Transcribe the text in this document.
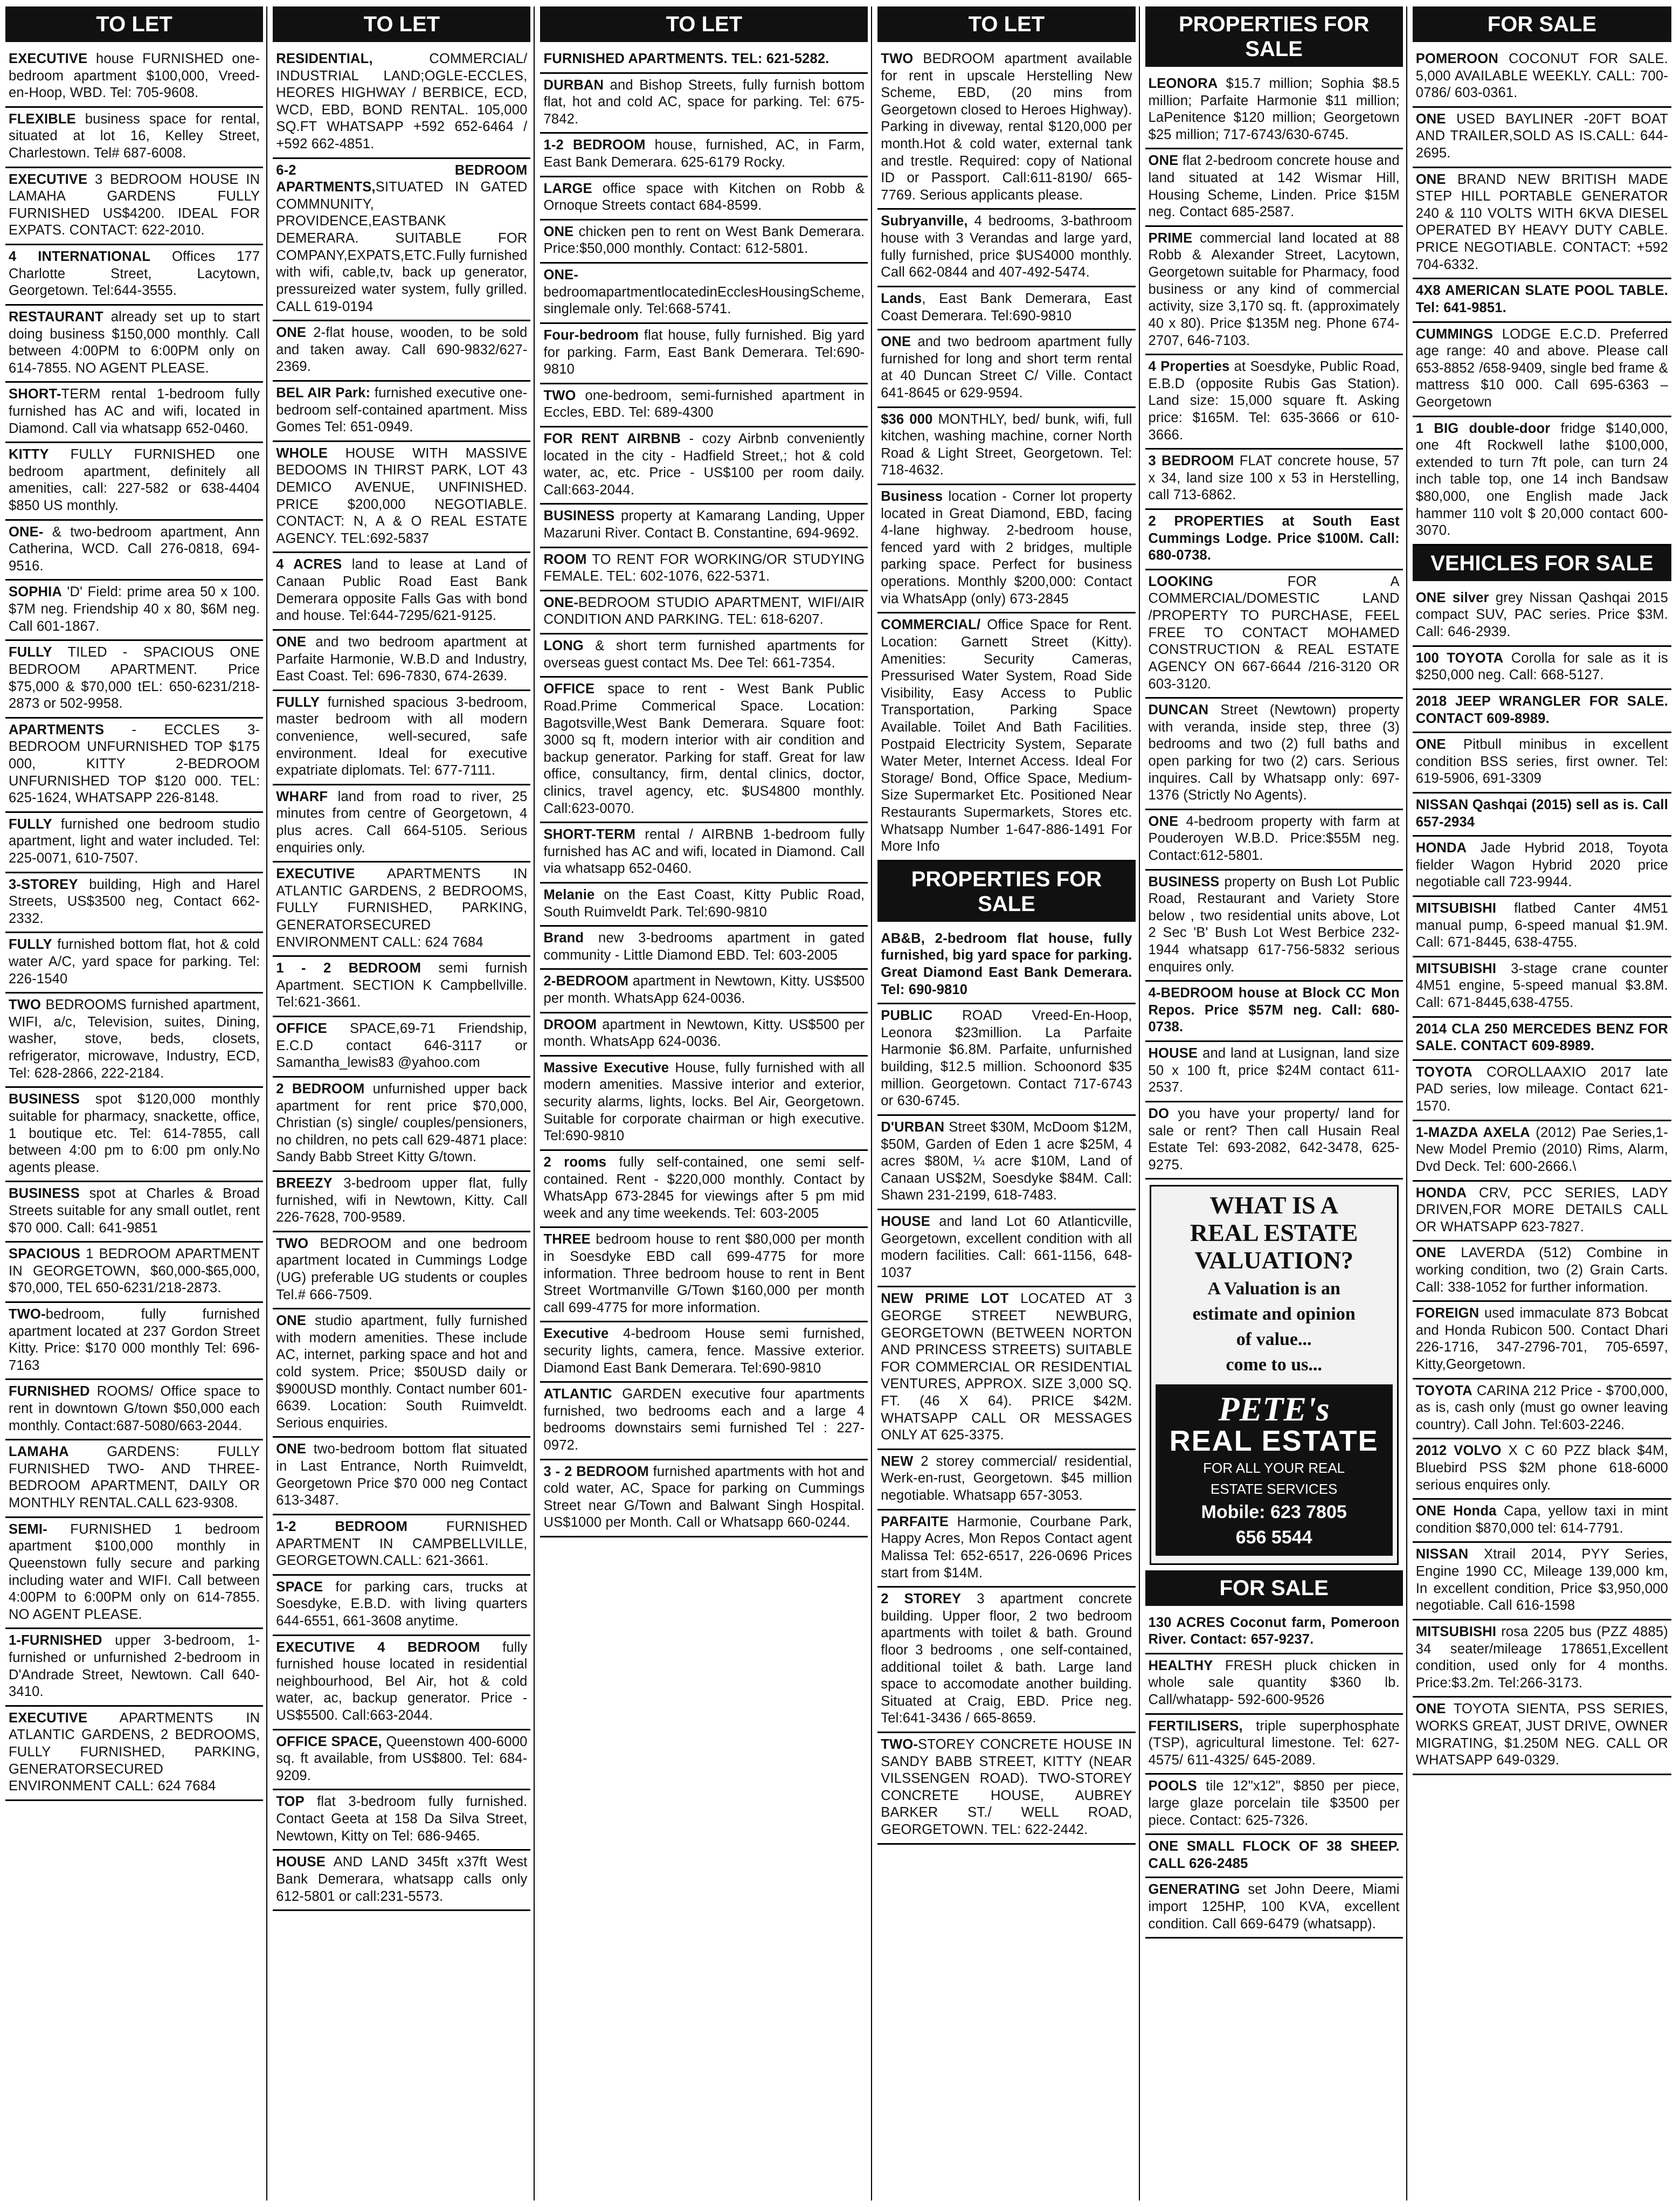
TO LET
EXECUTIVE house FURNISHED one-bedroom apartment $100,000, Vreed-en-Hoop, WBD. Tel: 705-9608.
FLEXIBLE business space for rental, situated at lot 16, Kelley Street, Charlestown. Tel# 687-6008.
EXECUTIVE 3 BEDROOM HOUSE IN LAMAHA GARDENS FULLY FURNISHED US$4200. IDEAL FOR EXPATS. CONTACT: 622-2010.
4 INTERNATIONAL Offices 177 Charlotte Street, Lacytown, Georgetown. Tel:644-3555.
RESTAURANT already set up to start doing business $150,000 monthly. Call between 4:00PM to 6:00PM only on 614-7855. NO AGENT PLEASE.
SHORT-TERM rental 1-bedroom fully furnished has AC and wifi, located in Diamond. Call via whatsapp 652-0460.
KITTY FULLY FURNISHED one bedroom apartment, definitely all amenities, call: 227-582 or 638-4404 $850 US monthly.
ONE- & two-bedroom apartment, Ann Catherina, WCD. Call 276-0818, 694-9516.
SOPHIA 'D' Field: prime area 50 x 100. $7M neg. Friendship 40 x 80, $6M neg. Call 601-1867.
FULLY TILED - SPACIOUS ONE BEDROOM APARTMENT. Price $75,000 & $70,000 tEL: 650-6231/218-2873 or 502-9958.
APARTMENTS - ECCLES 3-BEDROOM UNFURNISHED TOP $175 000, KITTY 2-BEDROOM UNFURNISHED TOP $120 000. TEL: 625-1624, WHATSAPP 226-8148.
FULLY furnished one bedroom studio apartment, light and water included. Tel: 225-0071, 610-7507.
3-STOREY building, High and Harel Streets, US$3500 neg, Contact 662-2332.
FULLY furnished bottom flat, hot & cold water A/C, yard space for parking. Tel: 226-1540
TWO BEDROOMS furnished apartment, WIFI, a/c, Television, suites, Dining, washer, stove, beds, closets, refrigerator, microwave, Industry, ECD, Tel: 628-2866, 222-2184.
BUSINESS spot $120,000 monthly suitable for pharmacy, snackette, office, 1 boutique etc. Tel: 614-7855, call between 4:00 pm to 6:00 pm only.No agents please.
BUSINESS spot at Charles & Broad Streets suitable for any small outlet, rent $70 000. Call: 641-9851
SPACIOUS 1 BEDROOM APARTMENT IN GEORGETOWN, $60,000-$65,000, $70,000, TEL 650-6231/218-2873.
TWO-bedroom, fully furnished apartment located at 237 Gordon Street Kitty. Price: $170 000 monthly Tel: 696-7163
FURNISHED ROOMS/ Office space to rent in downtown G/town $50,000 each monthly. Contact:687-5080/663-2044.
LAMAHA GARDENS: FULLY FURNISHED TWO- AND THREE-BEDROOM APARTMENT, DAILY OR MONTHLY RENTAL.CALL 623-9308.
SEMI- FURNISHED 1 bedroom apartment $100,000 monthly in Queenstown fully secure and parking including water and WIFI. Call between 4:00PM to 6:00PM only on 614-7855. NO AGENT PLEASE.
1-FURNISHED upper 3-bedroom, 1-furnished or unfurnished 2-bedroom in D'Andrade Street, Newtown. Call 640-3410.
EXECUTIVE APARTMENTS IN ATLANTIC GARDENS, 2 BEDROOMS, FULLY FURNISHED, PARKING, GENERATORSECURED ENVIRONMENT CALL: 624 7684
TO LET
RESIDENTIAL, COMMERCIAL/ INDUSTRIAL LAND;OGLE-ECCLES, HEORES HIGHWAY / BERBICE, ECD, WCD, EBD, BOND RENTAL. 105,000 SQ.FT WHATSAPP +592 652-6464 / +592 662-4851.
6-2 BEDROOM APARTMENTS,SITUATED IN GATED COMMNUNITY, PROVIDENCE,EASTBANK DEMERARA. SUITABLE FOR COMPANY,EXPATS,ETC.Fully furnished with wifi, cable,tv, back up generator, pressureized water system, fully grilled. CALL 619-0194
ONE 2-flat house, wooden, to be sold and taken away. Call 690-9832/627-2369.
BEL AIR Park: furnished executive one-bedroom self-contained apartment. Miss Gomes Tel: 651-0949.
WHOLE HOUSE WITH MASSIVE BEDOOMS IN THIRST PARK, LOT 43 DEMICO AVENUE, UNFINISHED. PRICE $200,000 NEGOTIABLE. CONTACT: N, A & O REAL ESTATE AGENCY. TEL:692-5837
4 ACRES land to lease at Land of Canaan Public Road East Bank Demerara opposite Falls Gas with bond and house. Tel:644-7295/621-9125.
ONE and two bedroom apartment at Parfaite Harmonie, W.B.D and Industry, East Coast. Tel: 696-7830, 674-2639.
FULLY furnished spacious 3-bedroom, master bedroom with all modern convenience, well-secured, safe environment. Ideal for executive expatriate diplomats. Tel: 677-7111.
WHARF land from road to river, 25 minutes from centre of Georgetown, 4 plus acres. Call 664-5105. Serious enquiries only.
EXECUTIVE APARTMENTS IN ATLANTIC GARDENS, 2 BEDROOMS, FULLY FURNISHED, PARKING, GENERATORSECURED ENVIRONMENT CALL: 624 7684
1 - 2 BEDROOM semi furnish Apartment. SECTION K Campbellville. Tel:621-3661.
OFFICE SPACE,69-71 Friendship, E.C.D contact 646-3117 or Samantha_lewis83 @yahoo.com
2 BEDROOM unfurnished upper back apartment for rent price $70,000, Christian (s) single/ couples/pensioners, no children, no pets call 629-4871 place: Sandy Babb Street Kitty G/town.
BREEZY 3-bedroom upper flat, fully furnished, wifi in Newtown, Kitty. Call 226-7628, 700-9589.
TWO BEDROOM and one bedroom apartment located in Cummings Lodge (UG) preferable UG students or couples Tel.# 666-7509.
ONE studio apartment, fully furnished with modern amenities. These include AC, internet, parking space and hot and cold system. Price; $50USD daily or $900USD monthly. Contact number 601-6639. Location: South Ruimveldt. Serious enquiries.
ONE two-bedroom bottom flat situated in Last Entrance, North Ruimveldt, Georgetown Price $70 000 neg Contact 613-3487.
1-2 BEDROOM FURNISHED APARTMENT IN CAMPBELLVILLE, GEORGETOWN.CALL: 621-3661.
SPACE for parking cars, trucks at Soesdyke, E.B.D. with living quarters 644-6551, 661-3608 anytime.
EXECUTIVE 4 BEDROOM fully furnished house located in residential neighbourhood, Bel Air, hot & cold water, ac, backup generator. Price - US$5500. Call:663-2044.
OFFICE SPACE, Queenstown 400-6000 sq. ft available, from US$800. Tel: 684-9209.
TOP flat 3-bedroom fully furnished. Contact Geeta at 158 Da Silva Street, Newtown, Kitty on Tel: 686-9465.
HOUSE AND LAND 345ft x37ft West Bank Demerara, whatsapp calls only 612-5801 or call:231-5573.
TO LET
FURNISHED APARTMENTS. TEL: 621-5282.
DURBAN and Bishop Streets, fully furnish bottom flat, hot and cold AC, space for parking. Tel: 675-7842.
1-2 BEDROOM house, furnished, AC, in Farm, East Bank Demerara. 625-6179 Rocky.
LARGE office space with Kitchen on Robb & Ornoque Streets contact 684-8599.
ONE chicken pen to rent on West Bank Demerara. Price:$50,000 monthly. Contact: 612-5801.
ONE-bedroomapartmentlocatedinEcclesHousingScheme, singlemale only. Tel:668-5741.
Four-bedroom flat house, fully furnished. Big yard for parking. Farm, East Bank Demerara. Tel:690-9810
TWO one-bedroom, semi-furnished apartment in Eccles, EBD. Tel: 689-4300
FOR RENT AIRBNB - cozy Airbnb conveniently located in the city - Hadfield Street,; hot & cold water, ac, etc. Price - US$100 per room daily. Call:663-2044.
BUSINESS property at Kamarang Landing, Upper Mazaruni River. Contact B. Constantine, 694-9692.
ROOM TO RENT FOR WORKING/OR STUDYING FEMALE. TEL: 602-1076, 622-5371.
ONE-BEDROOM STUDIO APARTMENT, WIFI/AIR CONDITION AND PARKING. TEL: 618-6207.
LONG & short term furnished apartments for overseas guest contact Ms. Dee Tel: 661-7354.
OFFICE space to rent - West Bank Public Road.Prime Commerical Space. Location: Bagotsville,West Bank Demerara. Square foot: 3000 sq ft, modern interior with air condition and backup generator. Parking for staff. Great for law office, consultancy, firm, dental clinics, doctor, clinics, travel agency, etc. $US4800 monthly. Call:623-0070.
SHORT-TERM rental / AIRBNB 1-bedroom fully furnished has AC and wifi, located in Diamond. Call via whatsapp 652-0460.
Melanie on the East Coast, Kitty Public Road, South Ruimveldt Park. Tel:690-9810
Brand new 3-bedrooms apartment in gated community - Little Diamond EBD. Tel: 603-2005
2-BEDROOM apartment in Newtown, Kitty. US$500 per month. WhatsApp 624-0036.
DROOM apartment in Newtown, Kitty. US$500 per month. WhatsApp 624-0036.
Massive Executive House, fully furnished with all modern amenities. Massive interior and exterior, security alarms, lights, locks. Bel Air, Georgetown. Suitable for corporate chairman or high executive. Tel:690-9810
2 rooms fully self-contained, one semi self-contained. Rent - $220,000 monthly. Contact by WhatsApp 673-2845 for viewings after 5 pm mid week and any time weekends. Tel: 603-2005
THREE bedroom house to rent $80,000 per month in Soesdyke EBD call 699-4775 for more information. Three bedroom house to rent in Bent Street Wortmanville G/Town $160,000 per month call 699-4775 for more information.
Executive 4-bedroom House semi furnished, security lights, camera, fence. Massive exterior. Diamond East Bank Demerara. Tel:690-9810
ATLANTIC GARDEN executive four apartments furnished, two bedrooms each and a large 4 bedrooms downstairs semi furnished Tel : 227-0972.
3 - 2 BEDROOM furnished apartments with hot and cold water, AC, Space for parking on Cummings Street near G/Town and Balwant Singh Hospital. US$1000 per Month. Call or Whatsapp 660-0244.
TO LET
TWO BEDROOM apartment available for rent in upscale Herstelling New Scheme, EBD, (20 mins from Georgetown closed to Heroes Highway). Parking in diveway, rental $120,000 per month.Hot & cold water, external tank and trestle. Required: copy of National ID or Passport. Call:611-8190/ 665-7769. Serious applicants please.
Subryanville, 4 bedrooms, 3-bathroom house with 3 Verandas and large yard, fully furnished, price $US4000 monthly. Call 662-0844 and 407-492-5474.
Lands, East Bank Demerara, East Coast Demerara. Tel:690-9810
ONE and two bedroom apartment fully furnished for long and short term rental at 40 Duncan Street C/ Ville. Contact 641-8645 or 629-9594.
$36 000 MONTHLY, bed/ bunk, wifi, full kitchen, washing machine, corner North Road & Light Street, Georgetown. Tel: 718-4632.
Business location - Corner lot property located in Great Diamond, EBD, facing 4-lane highway. 2-bedroom house, fenced yard with 2 bridges, multiple parking space. Perfect for business operations. Monthly $200,000: Contact via WhatsApp (only) 673-2845
COMMERCIAL/ Office Space for Rent. Location: Garnett Street (Kitty). Amenities: Security Cameras, Pressurised Water System, Road Side Visibility, Easy Access to Public Transportation, Parking Space Available. Toilet And Bath Facilities. Postpaid Electricity System, Separate Water Meter, Internet Access. Ideal For Storage/ Bond, Office Space, Medium-Size Supermarket Etc. Positioned Near Restaurants Supermarkets, Stores etc. Whatsapp Number 1-647-886-1491 For More Info
PROPERTIES FOR SALE
AB&B, 2-bedroom flat house, fully furnished, big yard space for parking. Great Diamond East Bank Demerara. Tel: 690-9810
PUBLIC ROAD Vreed-En-Hoop, Leonora $23million. La Parfaite Harmonie $6.8M. Parfaite, unfurnished building, $12.5 million. Schoonord $35 million. Georgetown. Contact 717-6743 or 630-6745.
D'URBAN Street $30M, McDoom $12M, $50M, Garden of Eden 1 acre $25M, 4 acres $80M, ¼ acre $10M, Land of Canaan US$2M, Soesdyke $84M. Call: Shawn 231-2199, 618-7483.
HOUSE and land Lot 60 Atlanticville, Georgetown, excellent condition with all modern facilities. Call: 661-1156, 648-1037
NEW PRIME LOT LOCATED AT 3 GEORGE STREET NEWBURG, GEORGETOWN (BETWEEN NORTON AND PRINCESS STREETS) SUITABLE FOR COMMERCIAL OR RESIDENTIAL VENTURES, APPROX. SIZE 3,000 SQ. FT. (46 X 64). PRICE $42M. WHATSAPP CALL OR MESSAGES ONLY AT 625-3375.
NEW 2 storey commercial/ residential, Werk-en-rust, Georgetown. $45 million negotiable. Whatsapp 657-3053.
PARFAITE Harmonie, Courbane Park, Happy Acres, Mon Repos Contact agent Malissa Tel: 652-6517, 226-0696 Prices start from $14M.
2 STOREY 3 apartment concrete building. Upper floor, 2 two bedroom apartments with toilet & bath. Ground floor 3 bedrooms , one self-contained, additional toilet & bath. Large land space to accomodate another building. Situated at Craig, EBD. Price neg. Tel:641-3436 / 665-8659.
TWO-STOREY CONCRETE HOUSE IN SANDY BABB STREET, KITTY (NEAR VILSSENGEN ROAD). TWO-STOREY CONCRETE HOUSE, AUBREY BARKER ST./ WELL ROAD, GEORGETOWN. TEL: 622-2442.
PROPERTIES FOR SALE
LEONORA $15.7 million; Sophia $8.5 million; Parfaite Harmonie $11 million; LaPenitence $120 million; Georgetown $25 million; 717-6743/630-6745.
ONE flat 2-bedroom concrete house and land situated at 142 Wismar Hill, Housing Scheme, Linden. Price $15M neg. Contact 685-2587.
PRIME commercial land located at 88 Robb & Alexander Street, Lacytown, Georgetown suitable for Pharmacy, food business or any kind of commercial activity, size 3,170 sq. ft. (approximately 40 x 80). Price $135M neg. Phone 674-2707, 646-7103.
4 Properties at Soesdyke, Public Road, E.B.D (opposite Rubis Gas Station). Land size: 15,000 square ft. Asking price: $165M. Tel: 635-3666 or 610-3666.
3 BEDROOM FLAT concrete house, 57 x 34, land size 100 x 53 in Herstelling, call 713-6862.
2 PROPERTIES at South East Cummings Lodge. Price $100M. Call: 680-0738.
LOOKING FOR A COMMERCIAL/DOMESTIC LAND /PROPERTY TO PURCHASE, FEEL FREE TO CONTACT MOHAMED CONSTRUCTION & REAL ESTATE AGENCY ON 667-6644 /216-3120 OR 603-3120.
DUNCAN Street (Newtown) property with veranda, inside step, three (3) bedrooms and two (2) full baths and open parking for two (2) cars. Serious inquires. Call by Whatsapp only: 697-1376 (Strictly No Agents).
ONE 4-bedroom property with farm at Pouderoyen W.B.D. Price:$55M neg. Contact:612-5801.
BUSINESS property on Bush Lot Public Road, Restaurant and Variety Store below , two residential units above, Lot 2 Sec 'B' Bush Lot West Berbice 232-1944 whatsapp 617-756-5832 serious enquires only.
4-BEDROOM house at Block CC Mon Repos. Price $57M neg. Call: 680-0738.
HOUSE and land at Lusignan, land size 50 x 100 ft, price $24M contact 611-2537.
DO you have your property/ land for sale or rent? Then call Husain Real Estate Tel: 693-2082, 642-3478, 625-9275.
WHAT IS A
REAL ESTATE
VALUATION?
A Valuation is an
estimate and opinion
of value...
come to us...
PETE's
REAL ESTATE
FOR ALL YOUR REAL
ESTATE SERVICES
Mobile: 623 7805
656 5544
FOR SALE
130 ACRES Coconut farm, Pomeroon River. Contact: 657-9237.
HEALTHY FRESH pluck chicken in whole sale quantity $360 lb. Call/whatapp- 592-600-9526
FERTILISERS, triple superphosphate (TSP), agricultural limestone. Tel: 627-4575/ 611-4325/ 645-2089.
POOLS tile 12"x12", $850 per piece, large glaze porcelain tile $3500 per piece. Contact: 625-7326.
ONE SMALL FLOCK OF 38 SHEEP. CALL 626-2485
GENERATING set John Deere, Miami import 125HP, 100 KVA, excellent condition. Call 669-6479 (whatsapp).
FOR SALE
POMEROON COCONUT FOR SALE. 5,000 AVAILABLE WEEKLY. CALL: 700-0786/ 603-0361.
ONE USED BAYLINER -20FT BOAT AND TRAILER,SOLD AS IS.CALL: 644-2695.
ONE BRAND NEW BRITISH MADE STEP HILL PORTABLE GENERATOR 240 & 110 VOLTS WITH 6KVA DIESEL OPERATED BY HEAVY DUTY CABLE. PRICE NEGOTIABLE. CONTACT: +592 704-6332.
4X8 AMERICAN SLATE POOL TABLE. Tel: 641-9851.
CUMMINGS LODGE E.C.D. Preferred age range: 40 and above. Please call 653-8852 /658-9409, single bed frame & mattress $10 000. Call 695-6363 – Georgetown
1 BIG double-door fridge $140,000, one 4ft Rockwell lathe $100,000, extended to turn 7ft pole, can turn 24 inch table top, one 14 inch Bandsaw $80,000, one English made Jack hammer 110 volt $ 20,000 contact 600-3070.
VEHICLES FOR SALE
ONE silver grey Nissan Qashqai 2015 compact SUV, PAC series. Price $3M. Call: 646-2939.
100 TOYOTA Corolla for sale as it is $250,000 neg. Call: 668-5127.
2018 JEEP WRANGLER FOR SALE. CONTACT 609-8989.
ONE Pitbull minibus in excellent condition BSS series, first owner. Tel: 619-5906, 691-3309
NISSAN Qashqai (2015) sell as is. Call 657-2934
HONDA Jade Hybrid 2018, Toyota fielder Wagon Hybrid 2020 price negotiable call 723-9944.
MITSUBISHI flatbed Canter 4M51 manual pump, 6-speed manual $1.9M. Call: 671-8445, 638-4755.
MITSUBISHI 3-stage crane counter 4M51 engine, 5-speed manual $3.8M. Call: 671-8445,638-4755.
2014 CLA 250 MERCEDES BENZ FOR SALE. CONTACT 609-8989.
TOYOTA COROLLAAXIO 2017 late PAD series, low mileage. Contact 621-1570.
1-MAZDA AXELA (2012) Pae Series,1- New Model Premio (2010) Rims, Alarm, Dvd Deck. Tel: 600-2666.\
HONDA CRV, PCC SERIES, LADY DRIVEN,FOR MORE DETAILS CALL OR WHATSAPP 623-7827.
ONE LAVERDA (512) Combine in working condition, two (2) Grain Carts. Call: 338-1052 for further information.
FOREIGN used immaculate 873 Bobcat and Honda Rubicon 500. Contact Dhari 226-1716, 347-2796-701, 705-6597, Kitty,Georgetown.
TOYOTA CARINA 212 Price - $700,000, as is, cash only (must go owner leaving country). Call John. Tel:603-2246.
2012 VOLVO X C 60 PZZ black $4M, Bluebird PSS $2M phone 618-6000 serious enquires only.
ONE Honda Capa, yellow taxi in mint condition $870,000 tel: 614-7791.
NISSAN Xtrail 2014, PYY Series, Engine 1990 CC, Mileage 139,000 km, In excellent condition, Price $3,950,000 negotiable. Call 616-1598
MITSUBISHI rosa 2205 bus (PZZ 4885) 34 seater/mileage 178651,Excellent condition, used only for 4 months. Price:$3.2m. Tel:266-3173.
ONE TOYOTA SIENTA, PSS SERIES, WORKS GREAT, JUST DRIVE, OWNER MIGRATING, $1.250M NEG. CALL OR WHATSAPP 649-0329.
